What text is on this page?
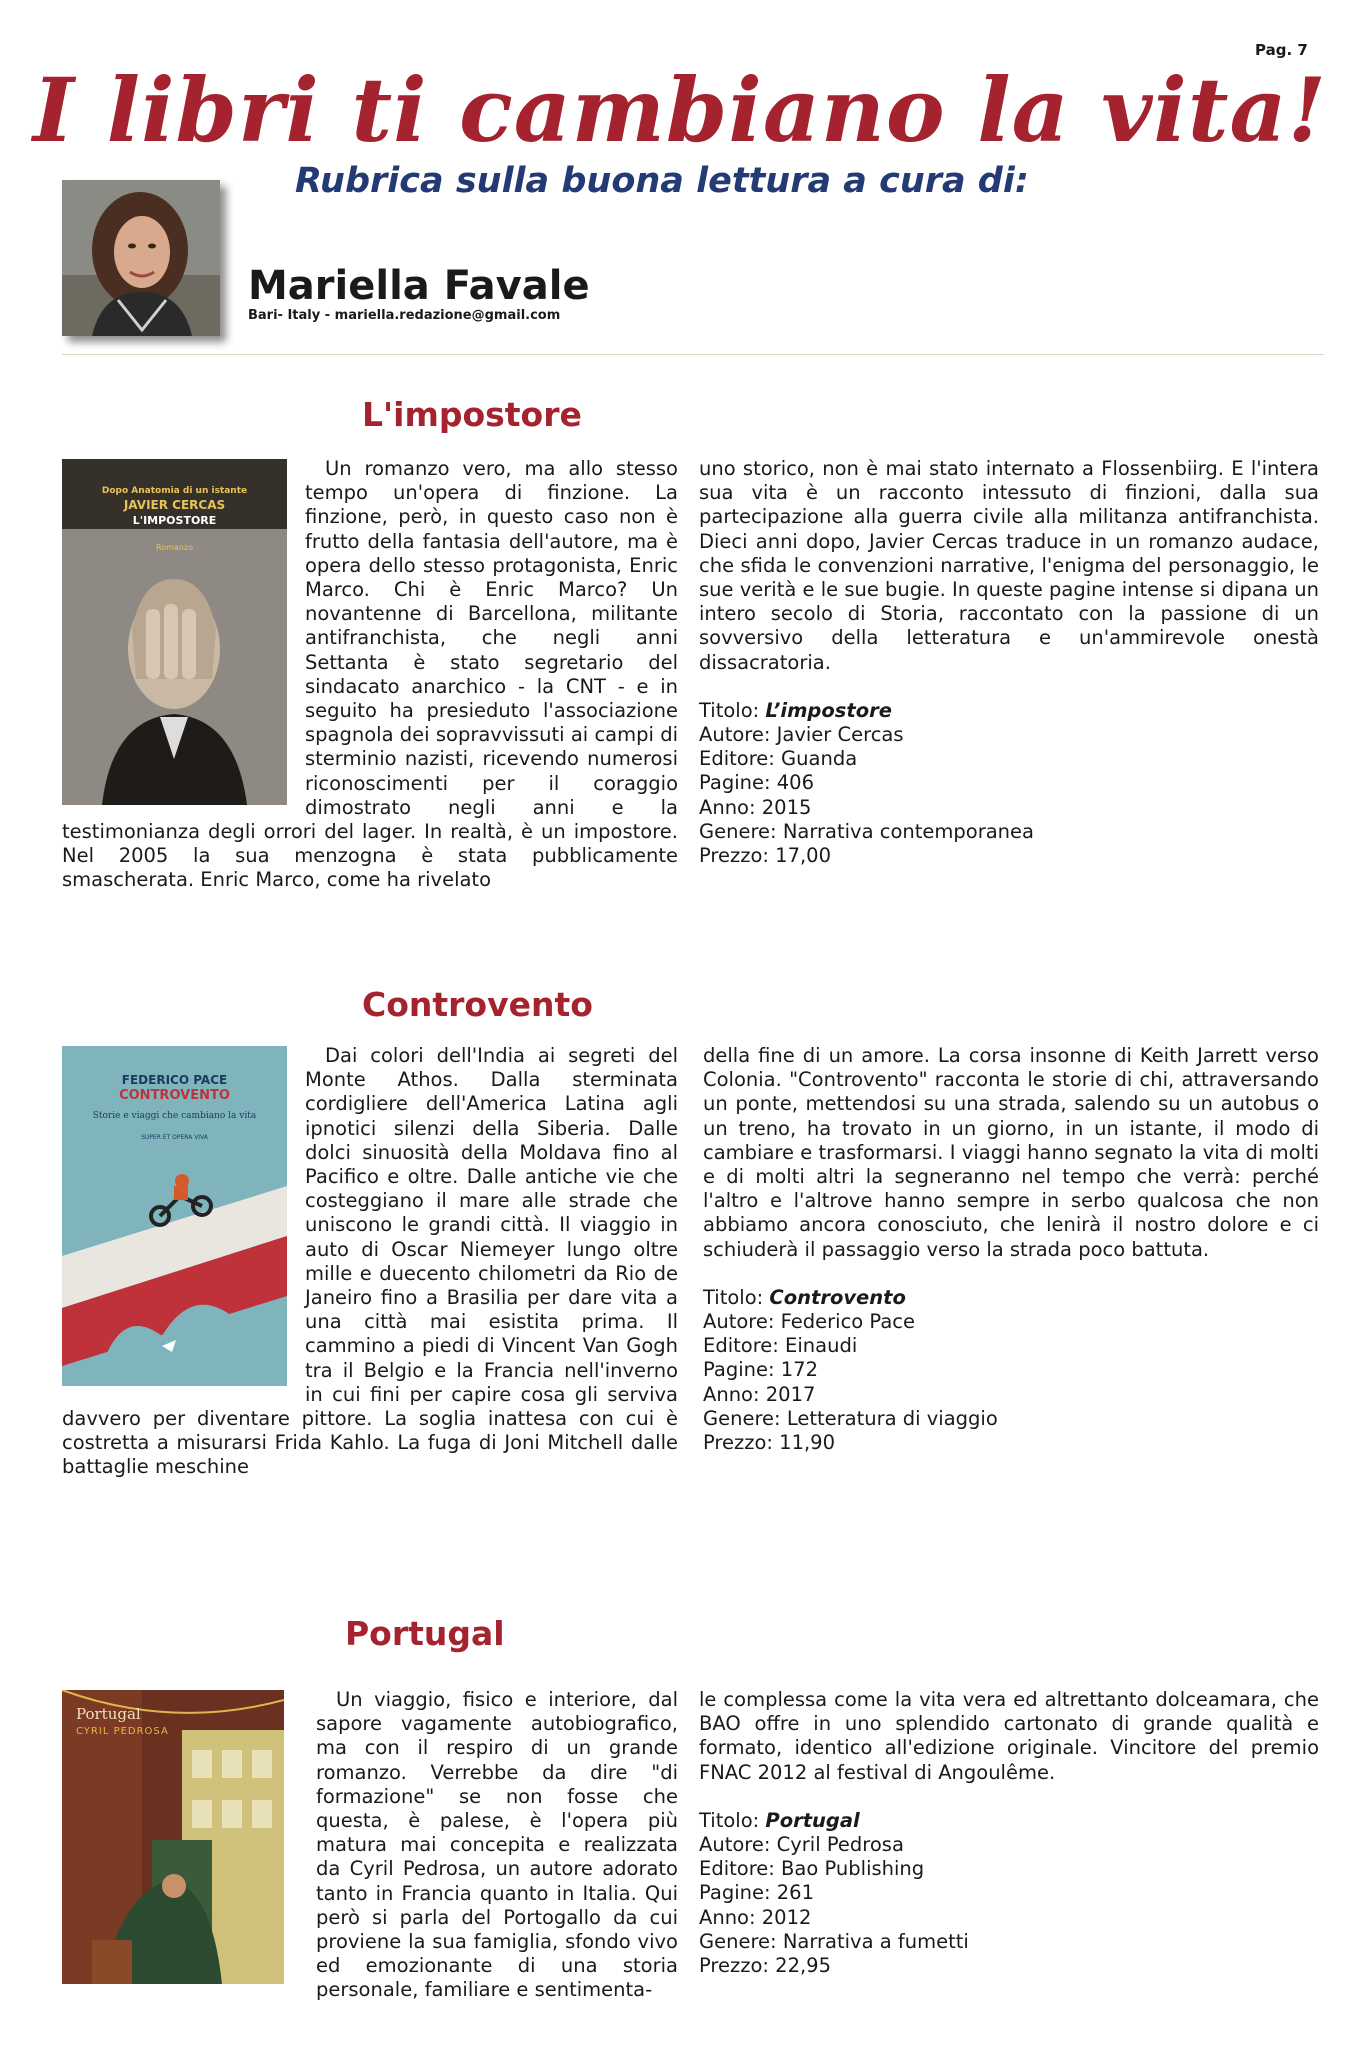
Pag. 7
I libri ti cambiano la vita!
Rubrica sulla buona lettura a cura di:
Mariella Favale
Bari- Italy - mariella.redazione@gmail.com
L'impostore
Dopo Anatomia di un istante
JAVIER CERCAS
L'IMPOSTORE
Romanzo

Un romanzo vero, ma allo stesso tempo un'opera di finzione. La finzione, però, in questo caso non è frutto della fantasia dell'autore, ma è opera dello stesso protagonista, Enric Marco. Chi è Enric Marco? Un novantenne di Barcellona, militante antifranchista, che negli anni Settanta è stato segretario del sindacato anarchico - la CNT - e in seguito ha presieduto l'associazione spagnola dei sopravvissuti ai campi di sterminio nazisti, ricevendo numerosi riconoscimenti per il coraggio dimostrato negli anni e la testimonianza degli orrori del lager. In realtà, è un impostore. Nel 2005 la sua menzogna è stata pubblicamente smascherata. Enric Marco, come ha rivelato

uno storico, non è mai stato internato a Flossenbiirg. E l'intera sua vita è un racconto intessuto di finzioni, dalla sua partecipazione alla guerra civile alla militanza antifranchista. Dieci anni dopo, Javier Cercas traduce in un romanzo audace, che sfida le convenzioni narrative, l'enigma del personaggio, le sue verità e le sue bugie. In queste pagine intense si dipana un intero secolo di Storia, raccontato con la passione di un sovversivo della letteratura e un'ammirevole onestà dissacratoria.

Titolo: L’impostore
Autore: Javier Cercas
Editore: Guanda
Pagine: 406
Anno: 2015
Genere: Narrativa contemporanea
Prezzo: 17,00
Controvento
FEDERICO PACE
CONTROVENTO
Storie e viaggi che cambiano la vita
SUPER ET OPERA VIVA

Dai colori dell'India ai segreti del Monte Athos. Dalla sterminata cordigliere dell'America Latina agli ipnotici silenzi della Siberia. Dalle dolci sinuosità della Moldava fino al Pacifico e oltre. Dalle antiche vie che costeggiano il mare alle strade che uniscono le grandi città. Il viaggio in auto di Oscar Niemeyer lungo oltre mille e duecento chilometri da Rio de Janeiro fino a Brasilia per dare vita a una città mai esistita prima. Il cammino a piedi di Vincent Van Gogh tra il Belgio e la Francia nell'inverno in cui fini per capire cosa gli serviva davvero per diventare pittore. La soglia inattesa con cui è costretta a misurarsi Frida Kahlo. La fuga di Joni Mitchell dalle battaglie meschine

della fine di un amore. La corsa insonne di Keith Jarrett verso Colonia. "Controvento" racconta le storie di chi, attraversando un ponte, mettendosi su una strada, salendo su un autobus o un treno, ha trovato in un giorno, in un istante, il modo di cambiare e trasformarsi. I viaggi hanno segnato la vita di molti e di molti altri la segneranno nel tempo che verrà: perché l'altro e l'altrove hanno sempre in serbo qualcosa che non abbiamo ancora conosciuto, che lenirà il nostro dolore e ci schiuderà il passaggio verso la strada poco battuta.

Titolo: Controvento
Autore: Federico Pace
Editore: Einaudi
Pagine: 172
Anno: 2017
Genere: Letteratura di viaggio
Prezzo: 11,90
Portugal
Portugal
CYRIL PEDROSA

Un viaggio, fisico e interiore, dal sapore vagamente autobiografico, ma con il respiro di un grande romanzo. Verrebbe da dire "di formazione" se non fosse che questa, è palese, è l'opera più matura mai concepita e realizzata da Cyril Pedrosa, un autore adorato tanto in Francia quanto in Italia. Qui però si parla del Portogallo da cui proviene la sua famiglia, sfondo vivo ed emozionante di una storia personale, familiare e sentimenta-

le complessa come la vita vera ed altrettanto dolceamara, che BAO offre in uno splendido cartonato di grande qualità e formato, identico all'edizione originale. Vincitore del premio FNAC 2012 al festival di Angoulême.

Titolo: Portugal
Autore: Cyril Pedrosa
Editore: Bao Publishing
Pagine: 261
Anno: 2012
Genere: Narrativa a fumetti
Prezzo: 22,95
